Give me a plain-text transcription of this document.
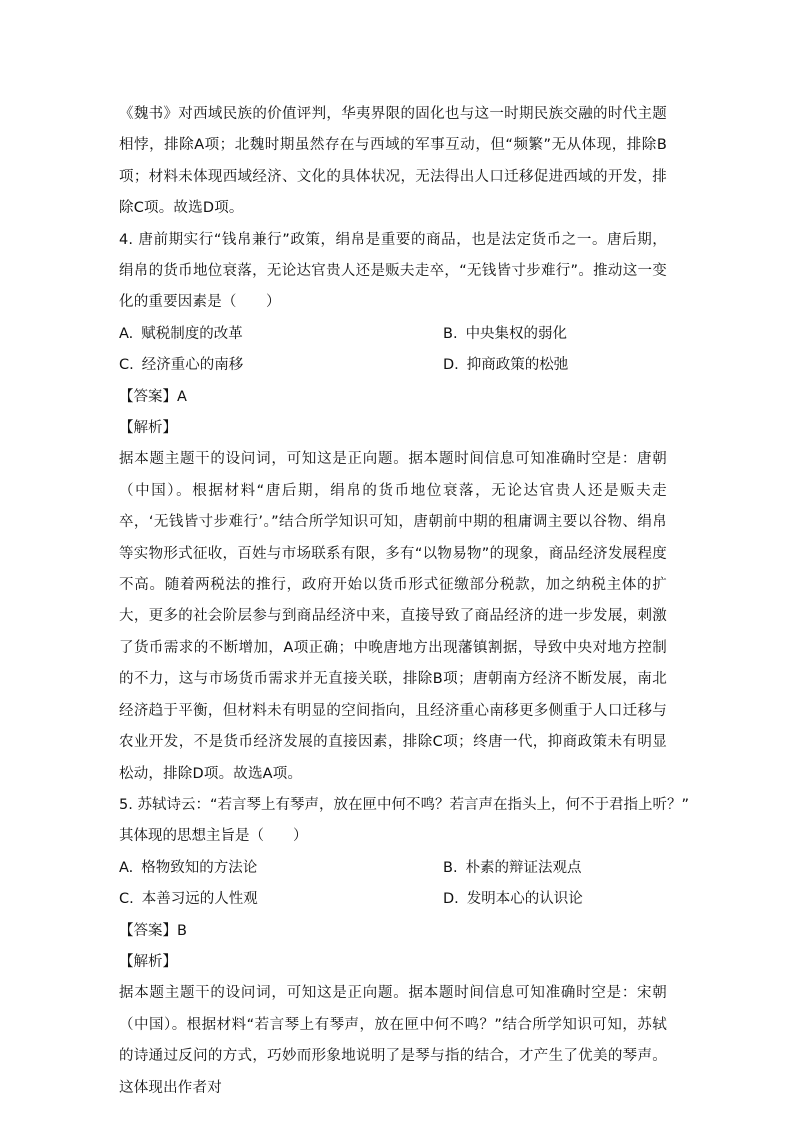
《魏书》对西域民族的价值评判，华夷界限的固化也与这一时期民族交融的时代主题相悖，排除A项；北魏时期虽然存在与西域的军事互动，但“频繁”无从体现，排除B项；材料未体现西域经济、文化的具体状况，无法得出人口迁移促进西域的开发，排除C项。故选D项。

4. 唐前期实行“钱帛兼行”政策，绢帛是重要的商品，也是法定货币之一。唐后期，绢帛的货币地位衰落，无论达官贵人还是贩夫走卒，“无钱皆寸步难行”。推动这一变化的重要因素是（　　）

A. 赋税制度的改革	B. 中央集权的弱化
C. 经济重心的南移	D. 抑商政策的松弛

【答案】A

【解析】

据本题主题干的设问词，可知这是正向题。据本题时间信息可知准确时空是：唐朝（中国）。根据材料“唐后期，绢帛的货币地位衰落，无论达官贵人还是贩夫走卒，‘无钱皆寸步难行’。”结合所学知识可知，唐朝前中期的租庸调主要以谷物、绢帛等实物形式征收，百姓与市场联系有限，多有“以物易物”的现象，商品经济发展程度不高。随着两税法的推行，政府开始以货币形式征缴部分税款，加之纳税主体的扩大，更多的社会阶层参与到商品经济中来，直接导致了商品经济的进一步发展，刺激了货币需求的不断增加，A项正确；中晚唐地方出现藩镇割据，导致中央对地方控制的不力，这与市场货币需求并无直接关联，排除B项；唐朝南方经济不断发展，南北经济趋于平衡，但材料未有明显的空间指向，且经济重心南移更多侧重于人口迁移与农业开发，不是货币经济发展的直接因素，排除C项；终唐一代，抑商政策未有明显松动，排除D项。故选A项。

5. 苏轼诗云：“若言琴上有琴声，放在匣中何不鸣？若言声在指头上，何不于君指上听？”

其体现的思想主旨是（　　）

A. 格物致知的方法论	B. 朴素的辩证法观点
C. 本善习远的人性观	D. 发明本心的认识论

【答案】B

【解析】

据本题主题干的设问词，可知这是正向题。据本题时间信息可知准确时空是：宋朝（中国）。根据材料“若言琴上有琴声，放在匣中何不鸣？”结合所学知识可知，苏轼的诗通过反问的方式，巧妙而形象地说明了是琴与指的结合，才产生了优美的琴声。这体现出作者对
